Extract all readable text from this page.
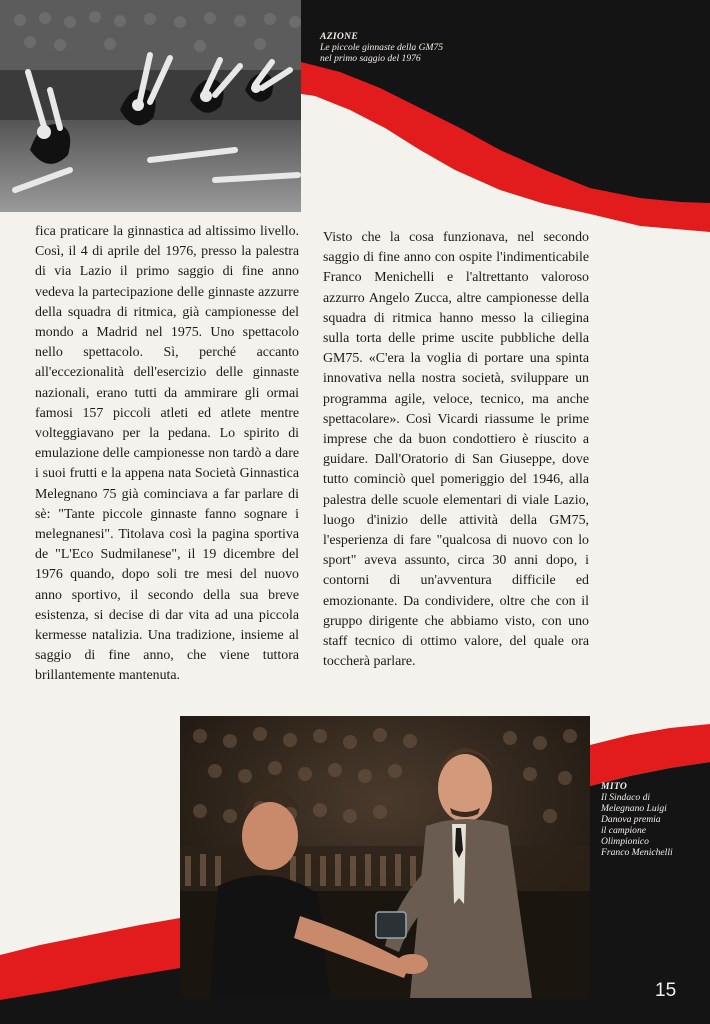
AZIONE
Le piccole ginnaste della GM75
nel primo saggio del 1976
fica praticare la ginnastica ad altissimo livello. Così, il 4 di aprile del 1976, presso la palestra di via Lazio il primo saggio di fine anno vedeva la partecipazione delle ginnaste azzurre della squadra di ritmica, già campionesse del mondo a Madrid nel 1975. Uno spettacolo nello spettacolo. Sì, perché accanto all'eccezionalità dell'esercizio delle ginnaste nazionali, erano tutti da ammirare gli ormai famosi 157 piccoli atleti ed atlete mentre volteggiavano per la pedana. Lo spirito di emulazione delle campionesse non tardò a dare i suoi frutti e la appena nata Società Ginnastica Melegnano 75 già cominciava a far parlare di sè: "Tante piccole ginnaste fanno sognare i melegnanesi". Titolava così la pagina sportiva de "L'Eco Sudmilanese", il 19 dicembre del 1976 quando, dopo soli tre mesi del nuovo anno sportivo, il secondo della sua breve esistenza, si decise di dar vita ad una piccola kermesse natalizia. Una tradizione, insieme al saggio di fine anno, che viene tuttora brillantemente mantenuta.
Visto che la cosa funzionava, nel secondo saggio di fine anno con ospite l'indimenticabile Franco Menichelli e l'altrettanto valoroso azzurro Angelo Zucca, altre campionesse della squadra di ritmica hanno messo la ciliegina sulla torta delle prime uscite pubbliche della GM75. «C'era la voglia di portare una spinta innovativa nella nostra società, sviluppare un programma agile, veloce, tecnico, ma anche spettacolare». Così Vicardi riassume le prime imprese che da buon condottiero è riuscito a guidare. Dall'Oratorio di San Giuseppe, dove tutto cominciò quel pomeriggio del 1946, alla palestra delle scuole elementari di viale Lazio, luogo d'inizio delle attività della GM75, l'esperienza di fare "qualcosa di nuovo con lo sport" aveva assunto, circa 30 anni dopo, i contorni di un'avventura difficile ed emozionante. Da condividere, oltre che con il gruppo dirigente che abbiamo visto, con uno staff tecnico di ottimo valore, del quale ora toccherà parlare.
MITO
Il Sindaco di
Melegnano Luigi
Danova premia
il campione
Olimpionico
Franco Menichelli
15
